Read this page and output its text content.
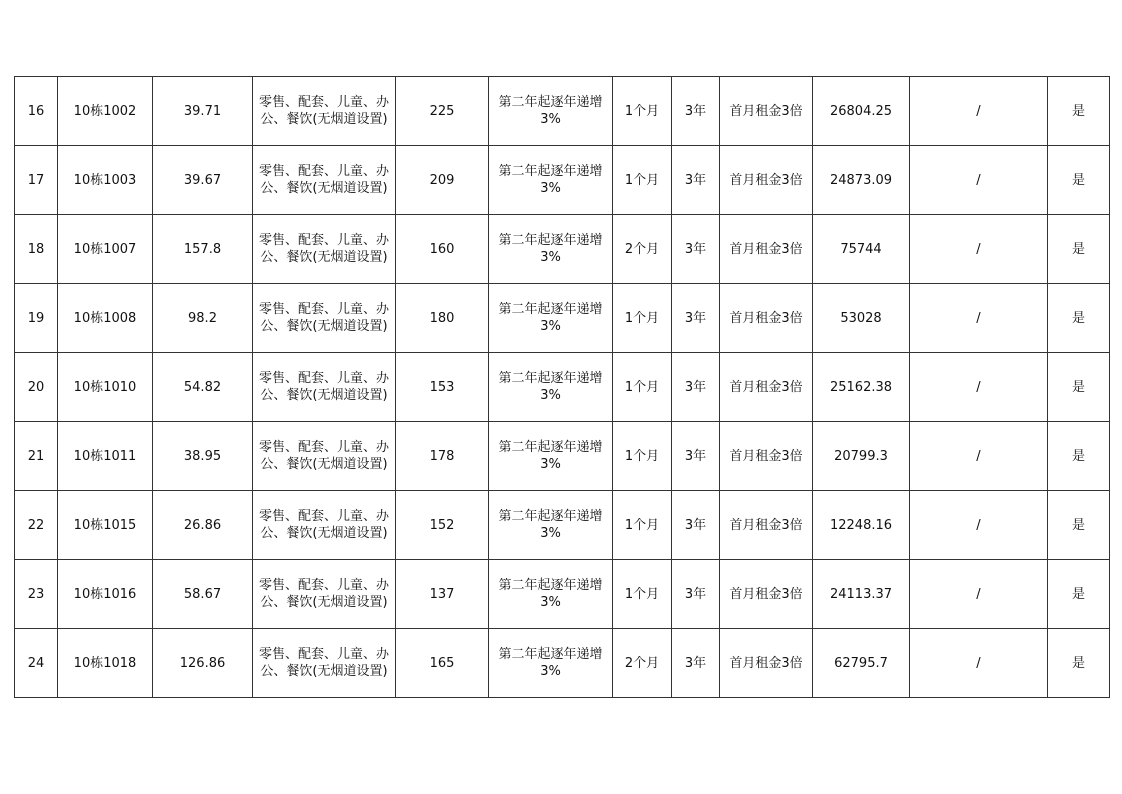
16	10栋1002	39.71	零售、配套、儿童、办
公、餐饮(无烟道设置)	225	第二年起逐年递增
3%	1个月	3年	首月租金3倍	26804.25	/	是
17	10栋1003	39.67	零售、配套、儿童、办
公、餐饮(无烟道设置)	209	第二年起逐年递增
3%	1个月	3年	首月租金3倍	24873.09	/	是
18	10栋1007	157.8	零售、配套、儿童、办
公、餐饮(无烟道设置)	160	第二年起逐年递增
3%	2个月	3年	首月租金3倍	75744	/	是
19	10栋1008	98.2	零售、配套、儿童、办
公、餐饮(无烟道设置)	180	第二年起逐年递增
3%	1个月	3年	首月租金3倍	53028	/	是
20	10栋1010	54.82	零售、配套、儿童、办
公、餐饮(无烟道设置)	153	第二年起逐年递增
3%	1个月	3年	首月租金3倍	25162.38	/	是
21	10栋1011	38.95	零售、配套、儿童、办
公、餐饮(无烟道设置)	178	第二年起逐年递增
3%	1个月	3年	首月租金3倍	20799.3	/	是
22	10栋1015	26.86	零售、配套、儿童、办
公、餐饮(无烟道设置)	152	第二年起逐年递增
3%	1个月	3年	首月租金3倍	12248.16	/	是
23	10栋1016	58.67	零售、配套、儿童、办
公、餐饮(无烟道设置)	137	第二年起逐年递增
3%	1个月	3年	首月租金3倍	24113.37	/	是
24	10栋1018	126.86	零售、配套、儿童、办
公、餐饮(无烟道设置)	165	第二年起逐年递增
3%	2个月	3年	首月租金3倍	62795.7	/	是
